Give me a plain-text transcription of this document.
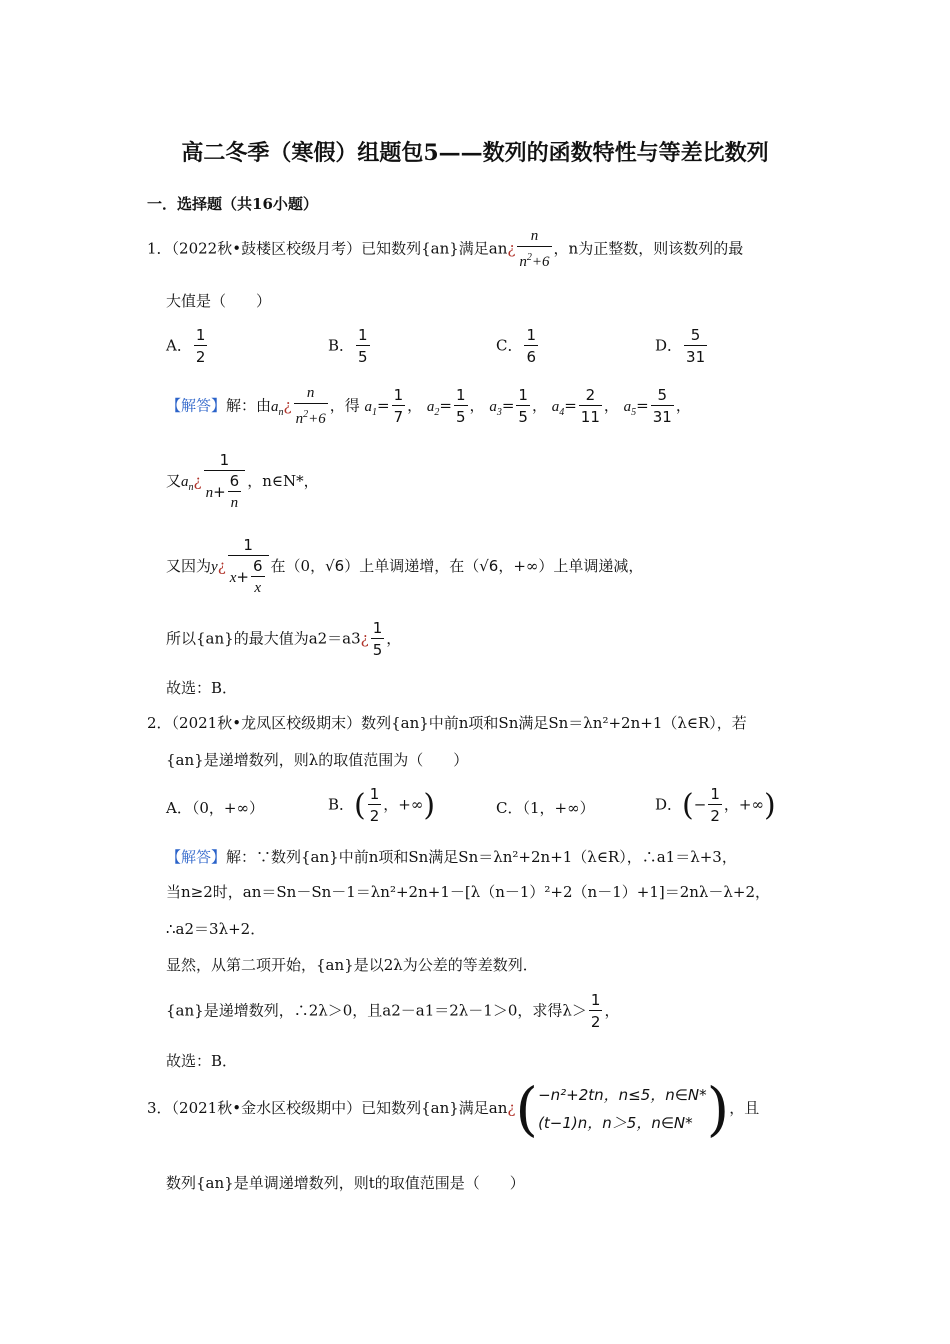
高二冬季（寒假）组题包5——数列的函数特性与等差比数列
一．选择题（共16小题）
1．（2022秋•鼓楼区校级月考）已知数列{an}满足an¿ $\frac{n}{n^2+6}$ ，n为正整数，则该数列的最
大值是（　　）
A． $\frac{1}{2}$	B． $\frac{1}{5}$	C． $\frac{1}{6}$	D． $\frac{5}{31}$
【解答】解：由$a_n¿ \frac{n}{n^2+6}$ ，得 $a_1= \frac{1}{7}$ ， $a_2= \frac{1}{5}$ ， $a_3= \frac{1}{5}$ ， $a_4= \frac{2}{11}$ ， $a_5= \frac{5}{31}$ ，
又$a_n¿ \frac{1}{n+ \frac{6}{n}}$ ，n∈N*，
又因为y¿ $\frac{1}{x+ \frac{6}{x}}$ 在（0，√6）上单调递增，在（√6，+∞）上单调递减，
所以{an}的最大值为a2＝a3¿ $\frac{1}{5}$ ，
故选：B．
2．（2021秋•龙凤区校级期末）数列{an}中前n项和Sn满足Sn＝λn²+2n+1（λ∈R），若
{an}是递增数列，则λ的取值范围为（　　）
A．（0，+∞）	B．( $\frac{1}{2}$ ，+∞)	C．（1，+∞）	D．(− $\frac{1}{2}$ ，+∞)
【解答】解：∵数列{an}中前n项和Sn满足Sn＝λn²+2n+1（λ∈R），∴a1＝λ+3，
当n≥2时，an＝Sn－Sn－1＝λn²+2n+1－[λ（n－1）²+2（n－1）+1]＝2nλ－λ+2，
∴a2＝3λ+2．
显然，从第二项开始，{an}是以2λ为公差的等差数列．
{an}是递增数列，∴2λ＞0，且a2－a1＝2λ－1＞0，求得$\lambda> \frac{1}{2}$ ，
故选：B．
3．（2021秋•金水区校级期中）已知数列{an}满足an¿( −n²+2tn，n≤5，n∈N*
(t−1)n，n＞5，n∈N* )，且
数列{an}是单调递增数列，则t的取值范围是（　　）
